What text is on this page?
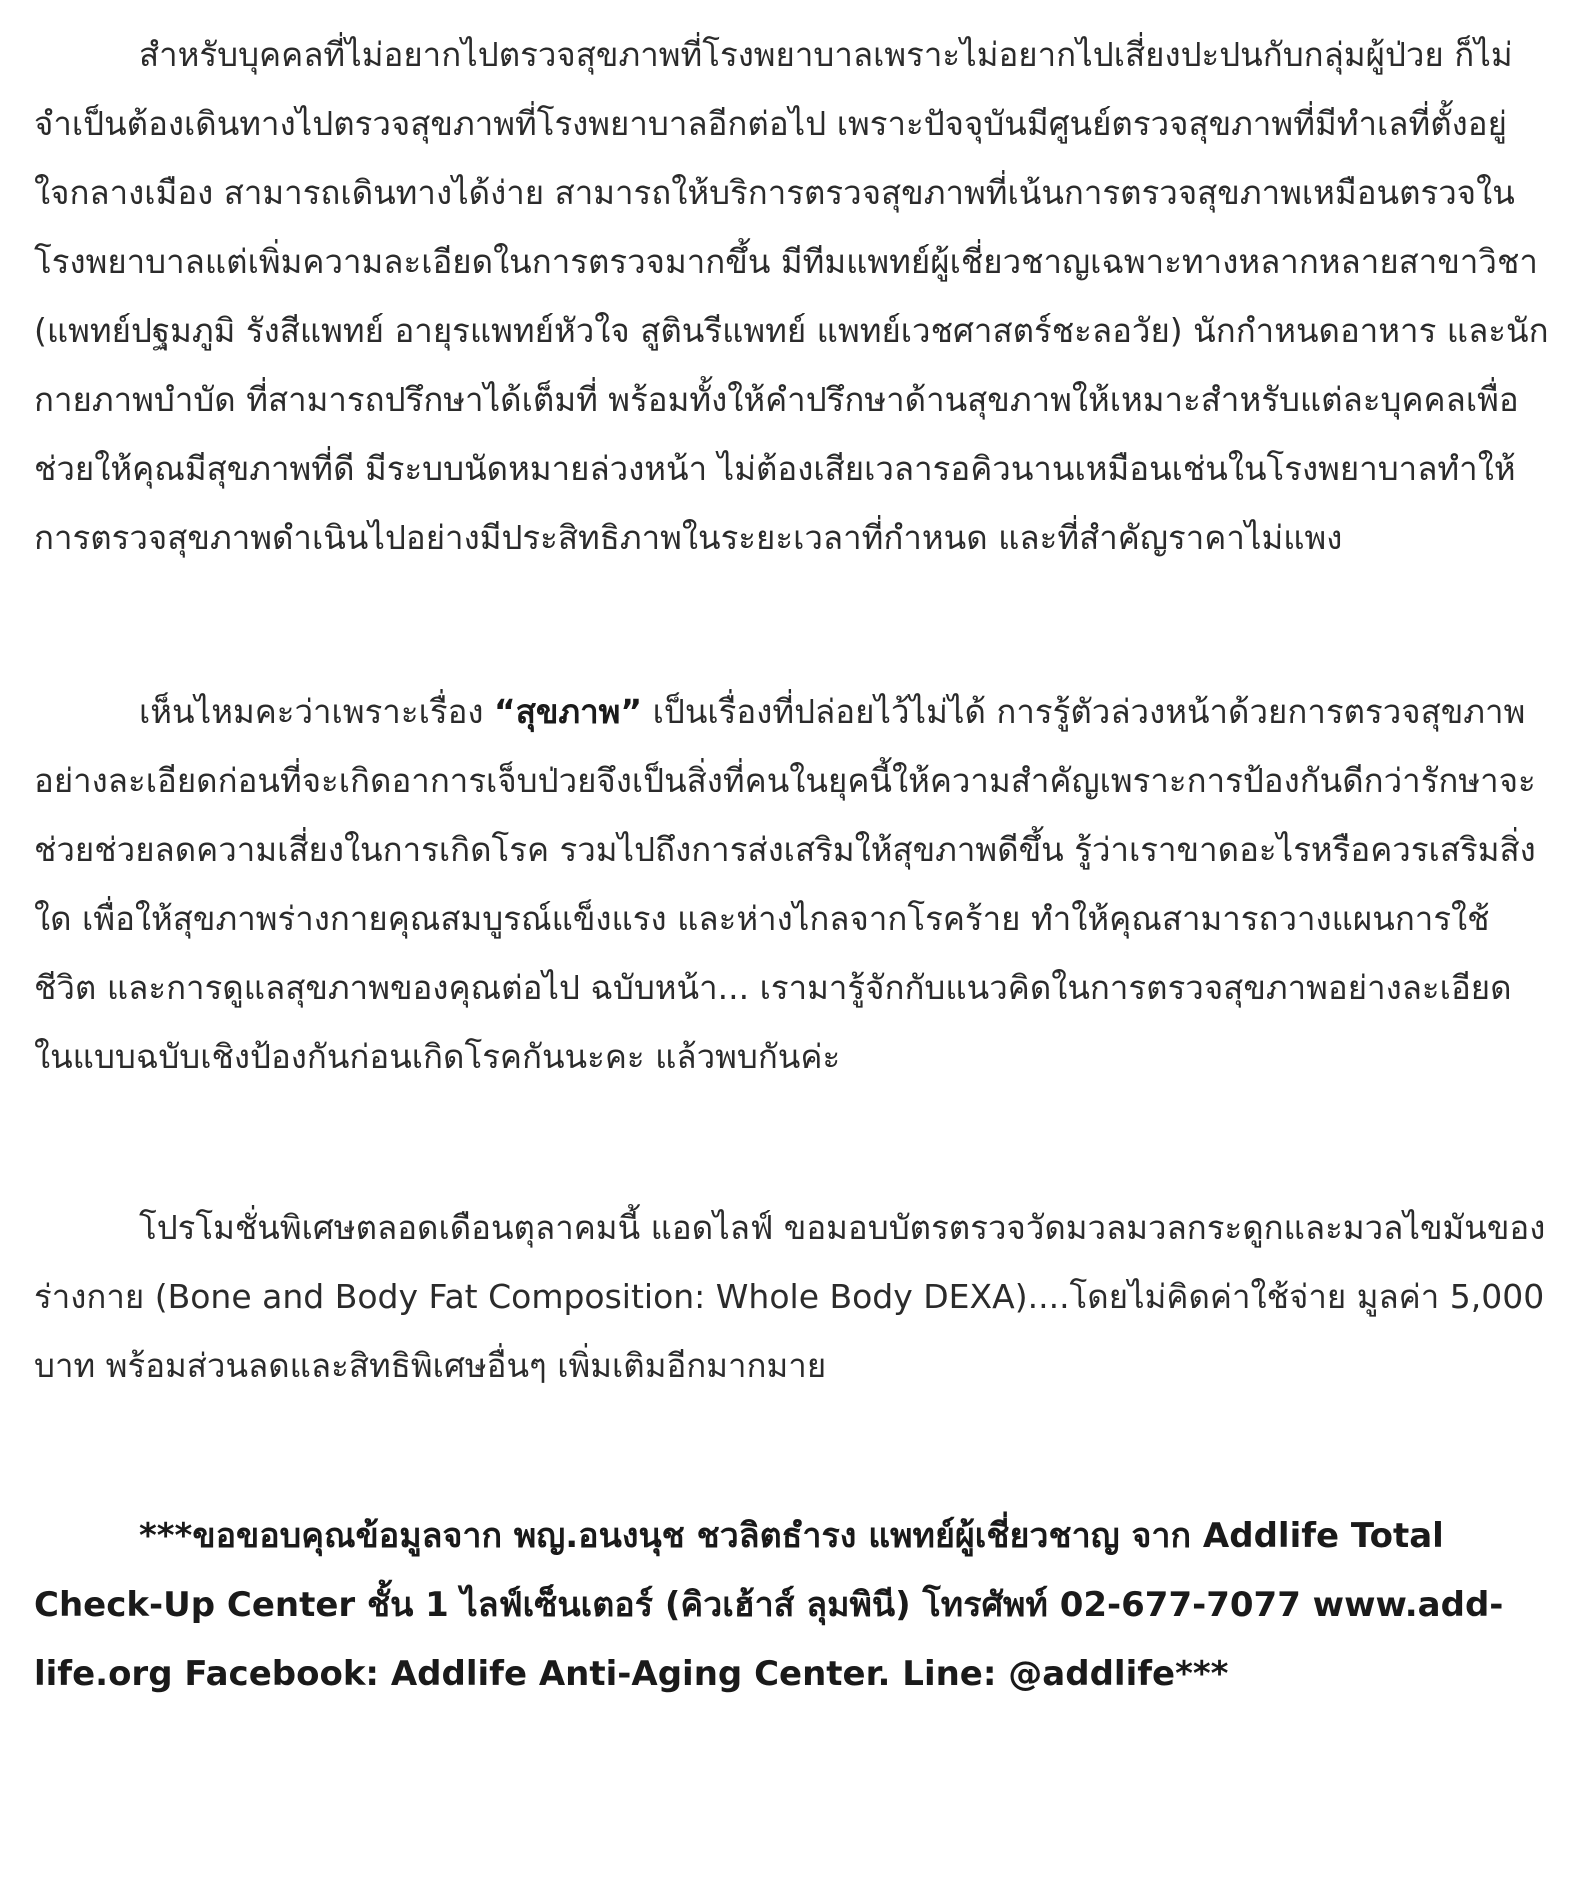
สำหรับบุคคลที่ไม่อยากไปตรวจสุขภาพที่โรงพยาบาลเพราะไม่อยากไปเสี่ยงปะปนกับกลุ่มผู้ป่วย ก็ไม่จำเป็นต้องเดินทางไปตรวจสุขภาพที่โรงพยาบาลอีกต่อไป เพราะปัจจุบันมีศูนย์ตรวจสุขภาพที่มีทำเลที่ตั้งอยู่ใจกลางเมือง สามารถเดินทางได้ง่าย สามารถให้บริการตรวจสุขภาพที่เน้นการตรวจสุขภาพเหมือนตรวจในโรงพยาบาลแต่เพิ่มความละเอียดในการตรวจมากขึ้น มีทีมแพทย์ผู้เชี่ยวชาญเฉพาะทางหลากหลายสาขาวิชา (แพทย์ปฐมภูมิ รังสีแพทย์ อายุรแพทย์หัวใจ สูตินรีแพทย์ แพทย์เวชศาสตร์ชะลอวัย) นักกำหนดอาหาร และนักกายภาพบำบัด ที่สามารถปรึกษาได้เต็มที่ พร้อมทั้งให้คำปรึกษาด้านสุขภาพให้เหมาะสำหรับแต่ละบุคคลเพื่อช่วยให้คุณมีสุขภาพที่ดี มีระบบนัดหมายล่วงหน้า ไม่ต้องเสียเวลารอคิวนานเหมือนเช่นในโรงพยาบาลทำให้การตรวจสุขภาพดำเนินไปอย่างมีประสิทธิภาพในระยะเวลาที่กำหนด และที่สำคัญราคาไม่แพง

เห็นไหมคะว่าเพราะเรื่อง “สุขภาพ” เป็นเรื่องที่ปล่อยไว้ไม่ได้ การรู้ตัวล่วงหน้าด้วยการตรวจสุขภาพอย่างละเอียดก่อนที่จะเกิดอาการเจ็บป่วยจึงเป็นสิ่งที่คนในยุคนี้ให้ความสำคัญเพราะการป้องกันดีกว่ารักษาจะช่วยช่วยลดความเสี่ยงในการเกิดโรค รวมไปถึงการส่งเสริมให้สุขภาพดีขึ้น รู้ว่าเราขาดอะไรหรือควรเสริมสิ่งใด เพื่อให้สุขภาพร่างกายคุณสมบูรณ์แข็งแรง และห่างไกลจากโรคร้าย ทำให้คุณสามารถวางแผนการใช้ชีวิต และการดูแลสุขภาพของคุณต่อไป ฉบับหน้า... เรามารู้จักกับแนวคิดในการตรวจสุขภาพอย่างละเอียดในแบบฉบับเชิงป้องกันก่อนเกิดโรคกันนะคะ แล้วพบกันค่ะ

โปรโมชั่นพิเศษตลอดเดือนตุลาคมนี้ แอดไลฟ์ ขอมอบบัตรตรวจวัดมวลมวลกระดูกและมวลไขมันของร่างกาย (Bone and Body Fat Composition: Whole Body DEXA)....โดยไม่คิดค่าใช้จ่าย มูลค่า 5,000 บาท พร้อมส่วนลดและสิทธิพิเศษอื่นๆ เพิ่มเติมอีกมากมาย

***ขอขอบคุณข้อมูลจาก พญ.อนงนุช ชวลิตธำรง แพทย์ผู้เชี่ยวชาญ จาก Addlife Total Check-Up Center ชั้น 1 ไลฟ์เซ็นเตอร์ (คิวเฮ้าส์ ลุมพินี) โทรศัพท์ 02-677-7077 www.add-life.org Facebook: Addlife Anti-Aging Center. Line: @addlife***
